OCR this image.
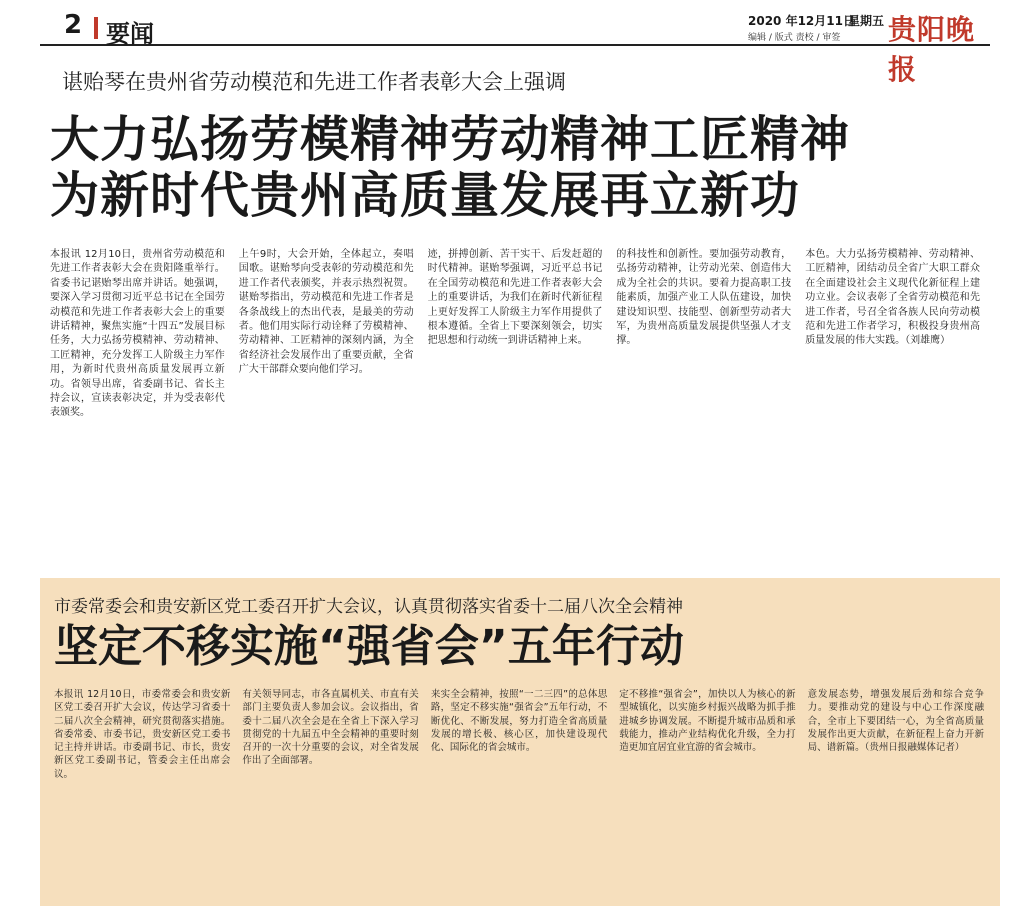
2 要闻	2020 年12月11日
星期五
编辑 / 版式 责校 / 审签 贵阳晚报
谌贻琴在贵州省劳动模范和先进工作者表彰大会上强调
大力弘扬劳模精神劳动精神工匠精神
为新时代贵州高质量发展再立新功
本报讯 12月10日，贵州省劳动模范和先进工作者表彰大会在贵阳隆重举行。省委书记谌贻琴出席并讲话。她强调，要深入学习贯彻习近平总书记在全国劳动模范和先进工作者表彰大会上的重要讲话精神，聚焦实施“十四五”发展目标任务，大力弘扬劳模精神、劳动精神、工匠精神，充分发挥工人阶级主力军作用，为新时代贵州高质量发展再立新功。省领导出席，省委副书记、省长主持会议，宣读表彰决定，并为受表彰代表颁奖。
上午9时，大会开始，全体起立，奏唱国歌。谌贻琴向受表彰的劳动模范和先进工作者代表颁奖，并表示热烈祝贺。谌贻琴指出，劳动模范和先进工作者是各条战线上的杰出代表，是最美的劳动者。他们用实际行动诠释了劳模精神、劳动精神、工匠精神的深刻内涵，为全省经济社会发展作出了重要贡献，全省广大干部群众要向他们学习。
迹，拼搏创新、苦干实干、后发赶超的时代精神。谌贻琴强调，习近平总书记在全国劳动模范和先进工作者表彰大会上的重要讲话，为我们在新时代新征程上更好发挥工人阶级主力军作用提供了根本遵循。全省上下要深刻领会，切实把思想和行动统一到讲话精神上来。
的科技性和创新性。要加强劳动教育，弘扬劳动精神，让劳动光荣、创造伟大成为全社会的共识。要着力提高职工技能素质，加强产业工人队伍建设，加快建设知识型、技能型、创新型劳动者大军，为贵州高质量发展提供坚强人才支撑。
本色。大力弘扬劳模精神、劳动精神、工匠精神，团结动员全省广大职工群众在全面建设社会主义现代化新征程上建功立业。会议表彰了全省劳动模范和先进工作者，号召全省各族人民向劳动模范和先进工作者学习，积极投身贵州高质量发展的伟大实践。（刘雄鹰）
市委常委会和贵安新区党工委召开扩大会议，认真贯彻落实省委十二届八次全会精神
坚定不移实施“强省会”五年行动
本报讯 12月10日，市委常委会和贵安新区党工委召开扩大会议，传达学习省委十二届八次全会精神，研究贯彻落实措施。省委常委、市委书记，贵安新区党工委书记主持并讲话。市委副书记、市长，贵安新区党工委副书记，管委会主任出席会议。
有关领导同志，市各直属机关、市直有关部门主要负责人参加会议。会议指出，省委十二届八次全会是在全省上下深入学习贯彻党的十九届五中全会精神的重要时刻召开的一次十分重要的会议，对全省发展作出了全面部署。
来实全会精神，按照“一二三四”的总体思路，坚定不移实施“强省会”五年行动，不断优化、不断发展，努力打造全省高质量发展的增长极、核心区，加快建设现代化、国际化的省会城市。
定不移推“强省会”，加快以人为核心的新型城镇化，以实施乡村振兴战略为抓手推进城乡协调发展。不断提升城市品质和承载能力，推动产业结构优化升级，全力打造更加宜居宜业宜游的省会城市。
意发展态势，增强发展后劲和综合竞争力。要推动党的建设与中心工作深度融合，全市上下要团结一心，为全省高质量发展作出更大贡献，在新征程上奋力开新局、谱新篇。（贵州日报融媒体记者）
